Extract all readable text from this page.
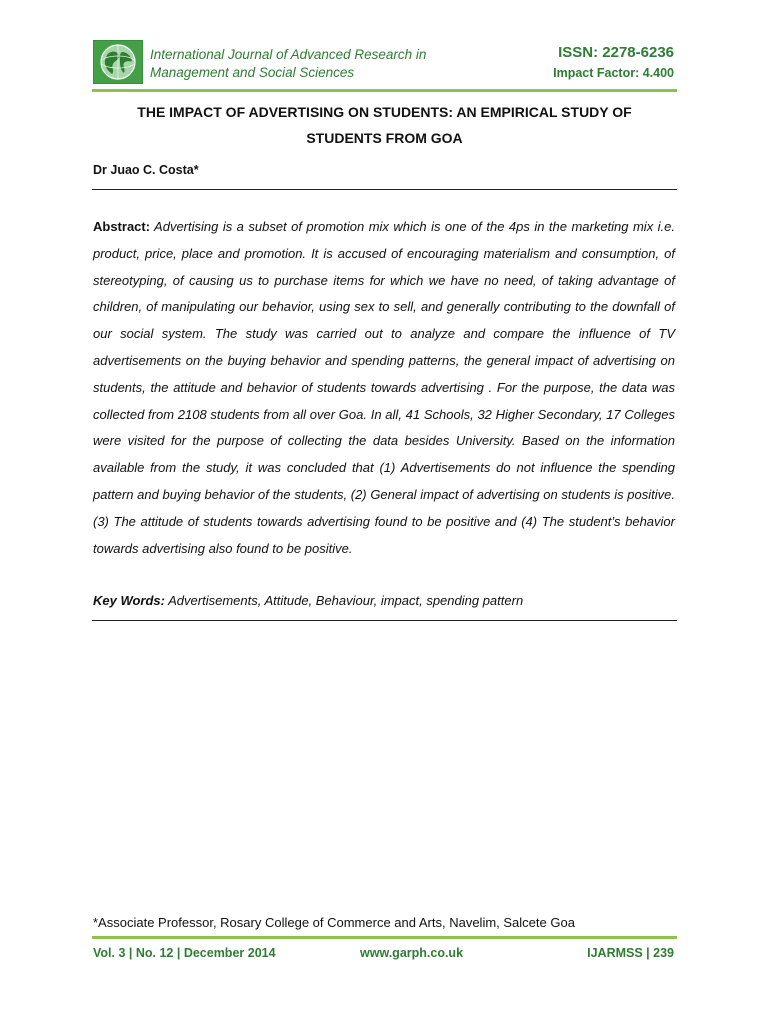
International Journal of Advanced Research in
Management and Social Sciences
ISSN: 2278-6236
Impact Factor: 4.400
THE IMPACT OF ADVERTISING ON STUDENTS: AN EMPIRICAL STUDY OF
STUDENTS FROM GOA
Dr Juao C. Costa*
Abstract: Advertising is a subset of promotion mix which is one of the 4ps in the marketing mix i.e. product, price, place and promotion. It is accused of encouraging materialism and consumption, of stereotyping, of causing us to purchase items for which we have no need, of taking advantage of children, of manipulating our behavior, using sex to sell, and generally contributing to the downfall of our social system. The study was carried out to analyze and compare the influence of TV advertisements on the buying behavior and spending patterns, the general impact of advertising on students, the attitude and behavior of students towards advertising . For the purpose, the data was collected from 2108 students from all over Goa. In all, 41 Schools, 32 Higher Secondary, 17 Colleges were visited for the purpose of collecting the data besides University. Based on the information available from the study, it was concluded that (1) Advertisements do not influence the spending pattern and buying behavior of the students, (2) General impact of advertising on students is positive. (3) The attitude of students towards advertising found to be positive and (4) The student’s behavior towards advertising also found to be positive.
Key Words: Advertisements, Attitude, Behaviour, impact, spending pattern
*Associate Professor, Rosary College of Commerce and Arts, Navelim, Salcete Goa
Vol. 3 | No. 12 | December 2014	www.garph.co.uk	IJARMSS | 239
